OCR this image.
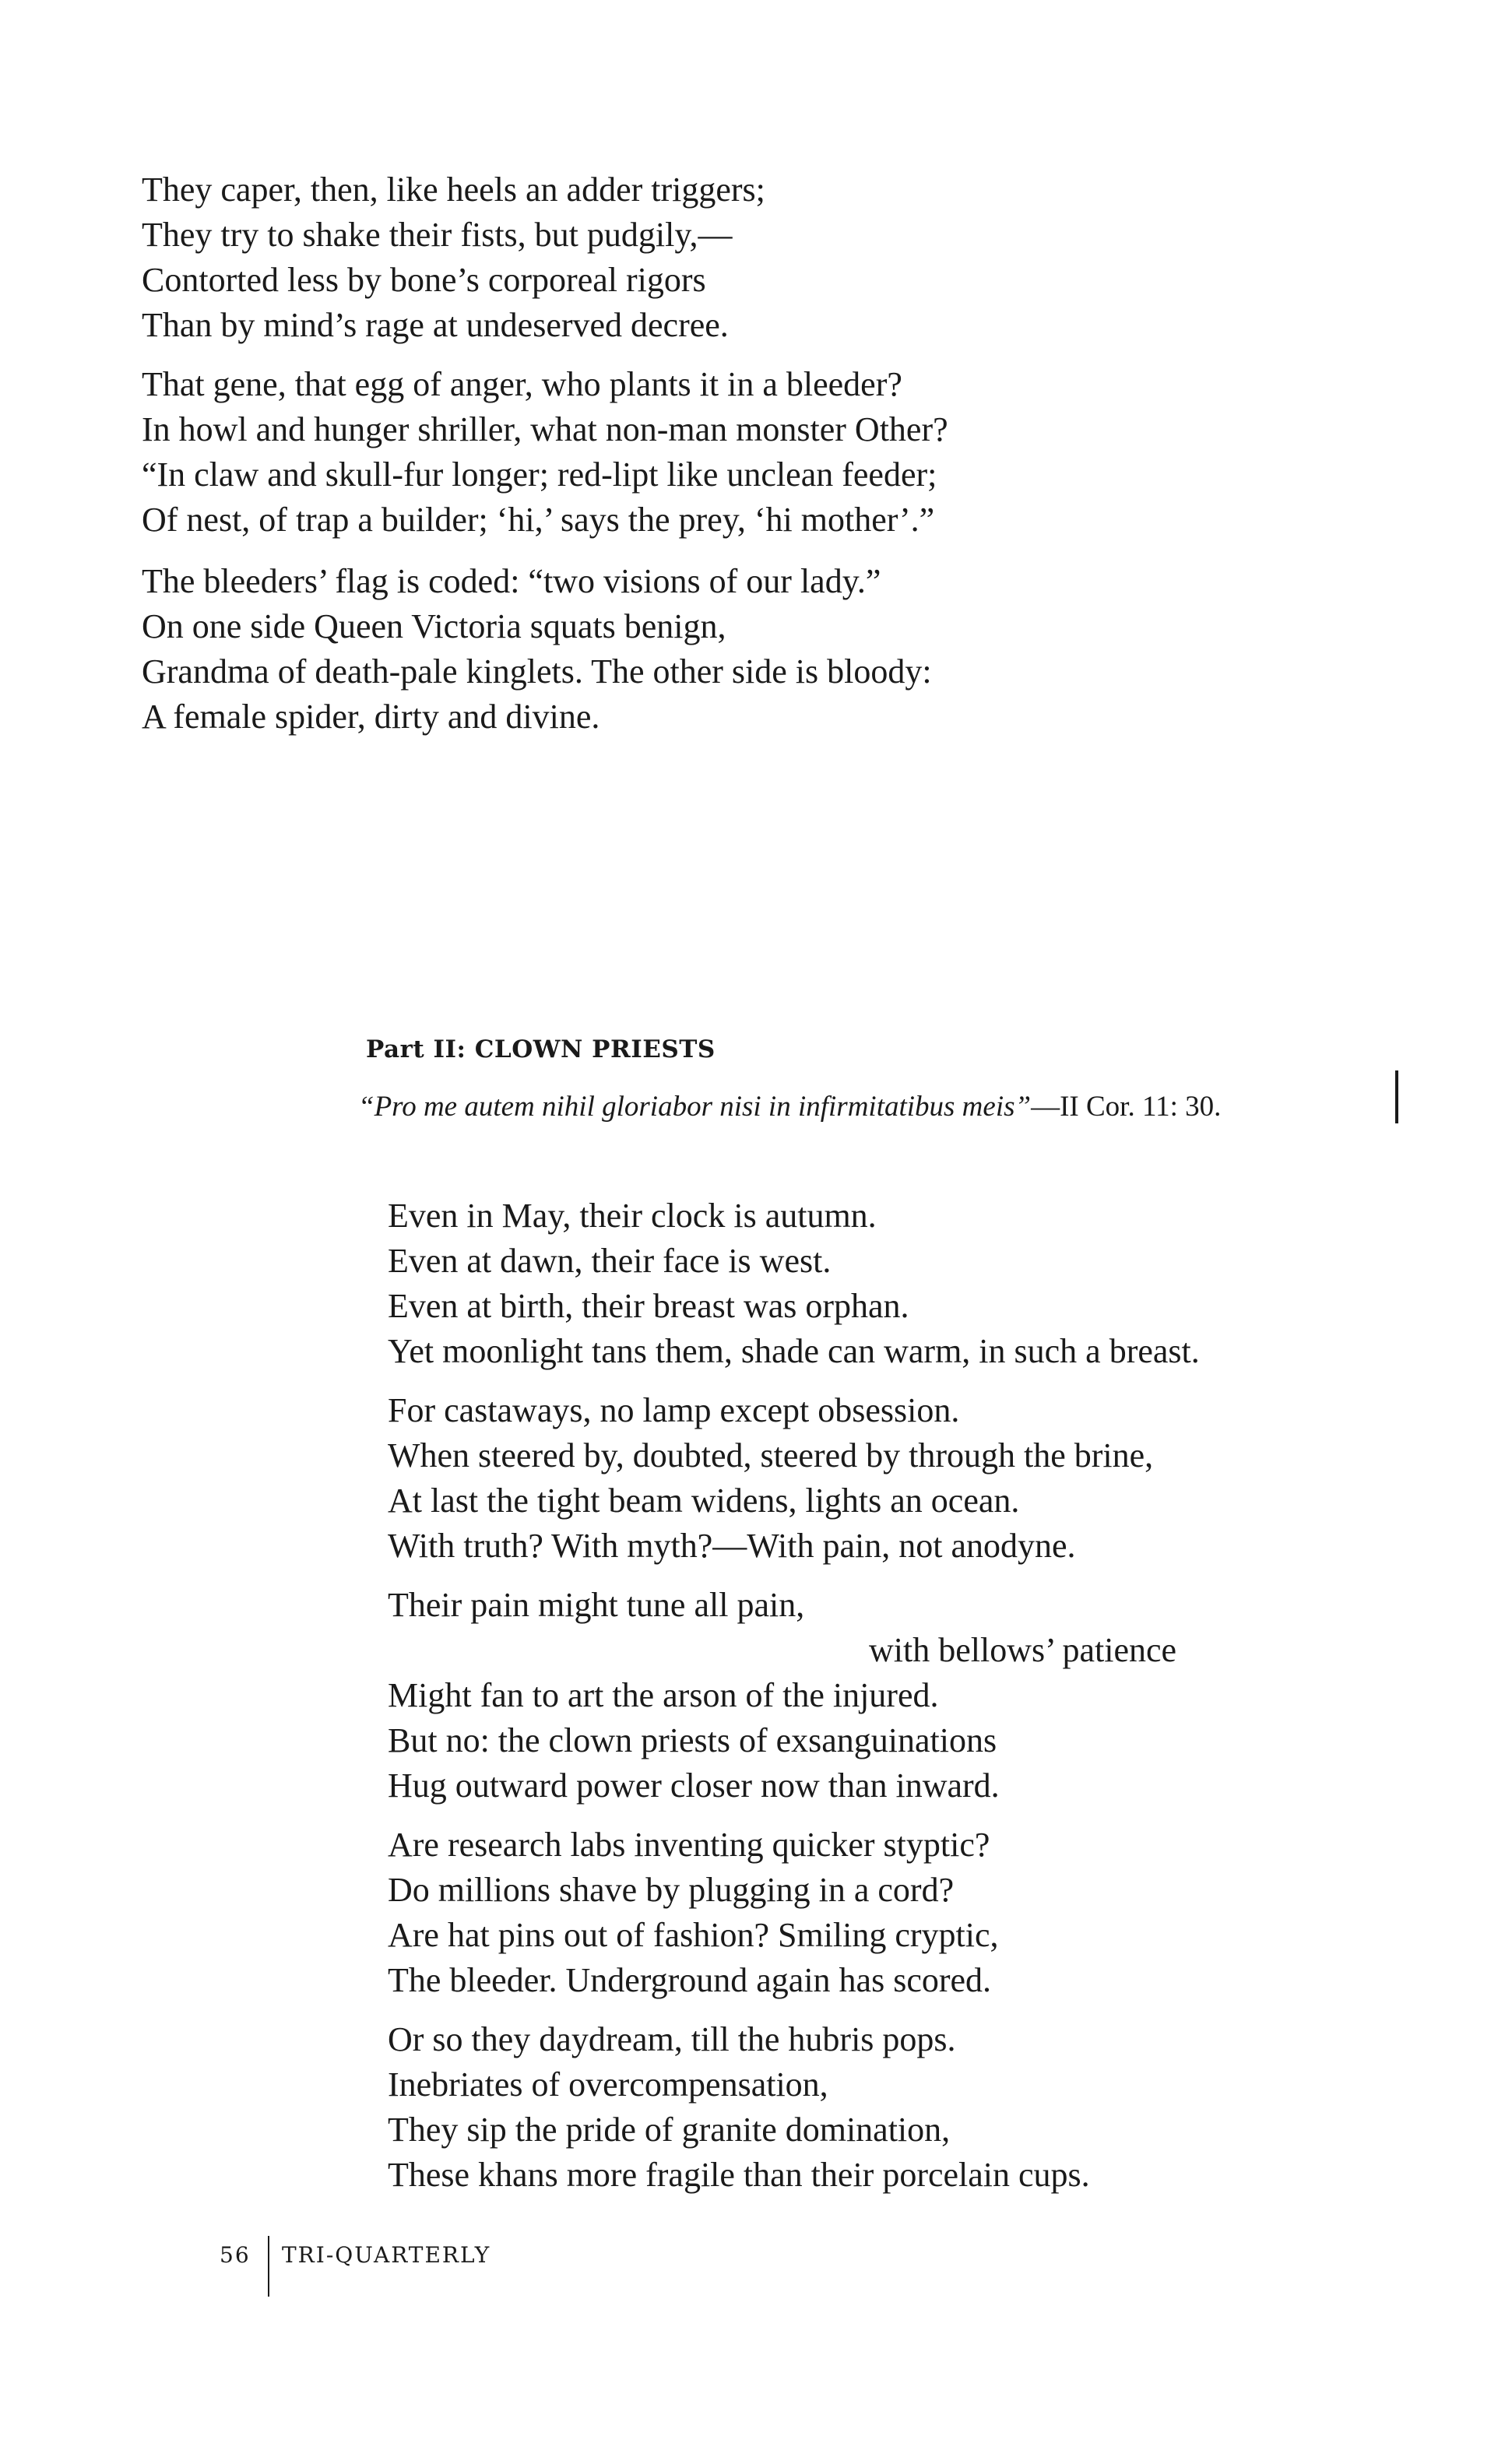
They caper, then, like heels an adder triggers;
They try to shake their fists, but pudgily,—
Contorted less by bone’s corporeal rigors
Than by mind’s rage at undeserved decree.
That gene, that egg of anger, who plants it in a bleeder?
In howl and hunger shriller, what non-man monster Other?
“In claw and skull-fur longer; red-lipt like unclean feeder;
Of nest, of trap a builder; ‘hi,’ says the prey, ‘hi mother’.”
The bleeders’ flag is coded: “two visions of our lady.”
On one side Queen Victoria squats benign,
Grandma of death-pale kinglets. The other side is bloody:
A female spider, dirty and divine.
Part II: CLOWN PRIESTS
“Pro me autem nihil gloriabor nisi in infirmitatibus meis”—II Cor. 11: 30.
Even in May, their clock is autumn.
Even at dawn, their face is west.
Even at birth, their breast was orphan.
Yet moonlight tans them, shade can warm, in such a breast.
For castaways, no lamp except obsession.
When steered by, doubted, steered by through the brine,
At last the tight beam widens, lights an ocean.
With truth? With myth?—With pain, not anodyne.
Their pain might tune all pain,
with bellows’ patience
Might fan to art the arson of the injured.
But no: the clown priests of exsanguinations
Hug outward power closer now than inward.
Are research labs inventing quicker styptic?
Do millions shave by plugging in a cord?
Are hat pins out of fashion? Smiling cryptic,
The bleeder. Underground again has scored.
Or so they daydream, till the hubris pops.
Inebriates of overcompensation,
They sip the pride of granite domination,
These khans more fragile than their porcelain cups.
56 TRI-QUARTERLY
